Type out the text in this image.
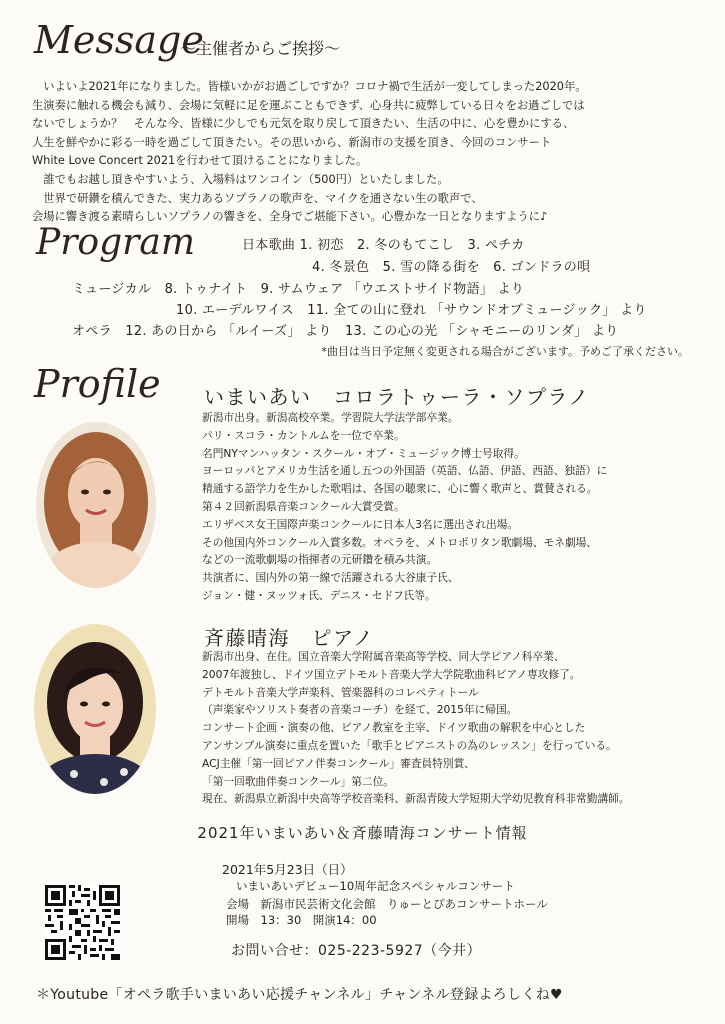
Message
～主催者からご挨拶～

　いよいよ2021年になりました。皆様いかがお過ごしですか？コロナ禍で生活が一変してしまった2020年。

生演奏に触れる機会も減り、会場に気軽に足を運ぶこともできず、心身共に疲弊している日々をお過ごしでは

ないでしょうか？　そんな今、皆様に少しでも元気を取り戻して頂きたい、生活の中に、心を豊かにする、

人生を鮮やかに彩る一時を過ごして頂きたい。その思いから、新潟市の支援を頂き、今回のコンサート

White Love Concert 2021を行わせて頂けることになりました。

　誰でもお越し頂きやすいよう、入場料はワンコイン（500円）といたしました。

　世界で研鑽を積んできた、実力あるソプラノの歌声を、マイクを通さない生の歌声で、

会場に響き渡る素晴らしいソプラノの響きを、全身でご堪能下さい。心豊かな一日となりますように♪

Program	日本歌曲 1. 初恋　2. 冬のもてこし　3. ペチカ
4. 冬景色　5. 雪の降る街を　6. ゴンドラの唄
ミュージカル　8. トゥナイト　9. サムウェア 「ウエストサイド物語」 より
10. エーデルワイス　11. 全ての山に登れ 「サウンドオブミュージック」 より
オペラ　12. あの日から 「ルイーズ」 より　13. この心の光 「シャモニーのリンダ」 より
*曲目は当日予定無く変更される場合がございます。予めご了承ください。
Profile いまいあい　コロラトゥーラ・ソプラノ
新潟市出身。新潟高校卒業。学習院大学法学部卒業。
パリ・スコラ・カントルムを一位で卒業。
名門NYマンハッタン・スクール・オブ・ミュージック博士号取得。
ヨーロッパとアメリカ生活を通し五つの外国語（英語、仏語、伊語、西語、独語）に
精通する語学力を生かした歌唱は、各国の聴衆に、心に響く歌声と、賞賛される。
第４２回新潟県音楽コンクール大賞受賞。
エリザベス女王国際声楽コンクールに日本人3名に選出され出場。
その他国内外コンクール入賞多数。オペラを、メトロポリタン歌劇場、モネ劇場、
などの一流歌劇場の指揮者の元研鑽を積み共演。
共演者に、国内外の第一線で活躍される大谷康子氏、
ジョン・健・ヌッツォ氏、デニス・セドフ氏等。
斉藤晴海　ピアノ
新潟市出身、在住。国立音楽大学附属音楽高等学校、同大学ピアノ科卒業、
2007年渡独し、ドイツ国立デトモルト音楽大学大学院歌曲科ピアノ専攻修了。
デトモルト音楽大学声楽科、管楽器科のコレペティトール
（声楽家やソリスト奏者の音楽コーチ）を経て、2015年に帰国。
コンサート企画・演奏の他、ピアノ教室を主宰、ドイツ歌曲の解釈を中心とした
アンサンブル演奏に重点を置いた「歌手とピアニストの為のレッスン」を行っている。
ACJ主催「第一回ピアノ伴奏コンクール」審査員特別賞、
「第一回歌曲伴奏コンクール」第二位。
現在、新潟県立新潟中央高等学校音楽科、新潟青陵大学短期大学幼児教育科非常勤講師。
2021年いまいあい＆斉藤晴海コンサート情報
2021年5月23日（日）
いまいあいデビュー10周年記念スペシャルコンサート
会場　新潟市民芸術文化会館　りゅーとぴあコンサートホール
開場　13：30　開演14：00
お問い合せ：025-223-5927（今井）
＊Youtube「オペラ歌手いまいあい応援チャンネル」チャンネル登録よろしくね♥
